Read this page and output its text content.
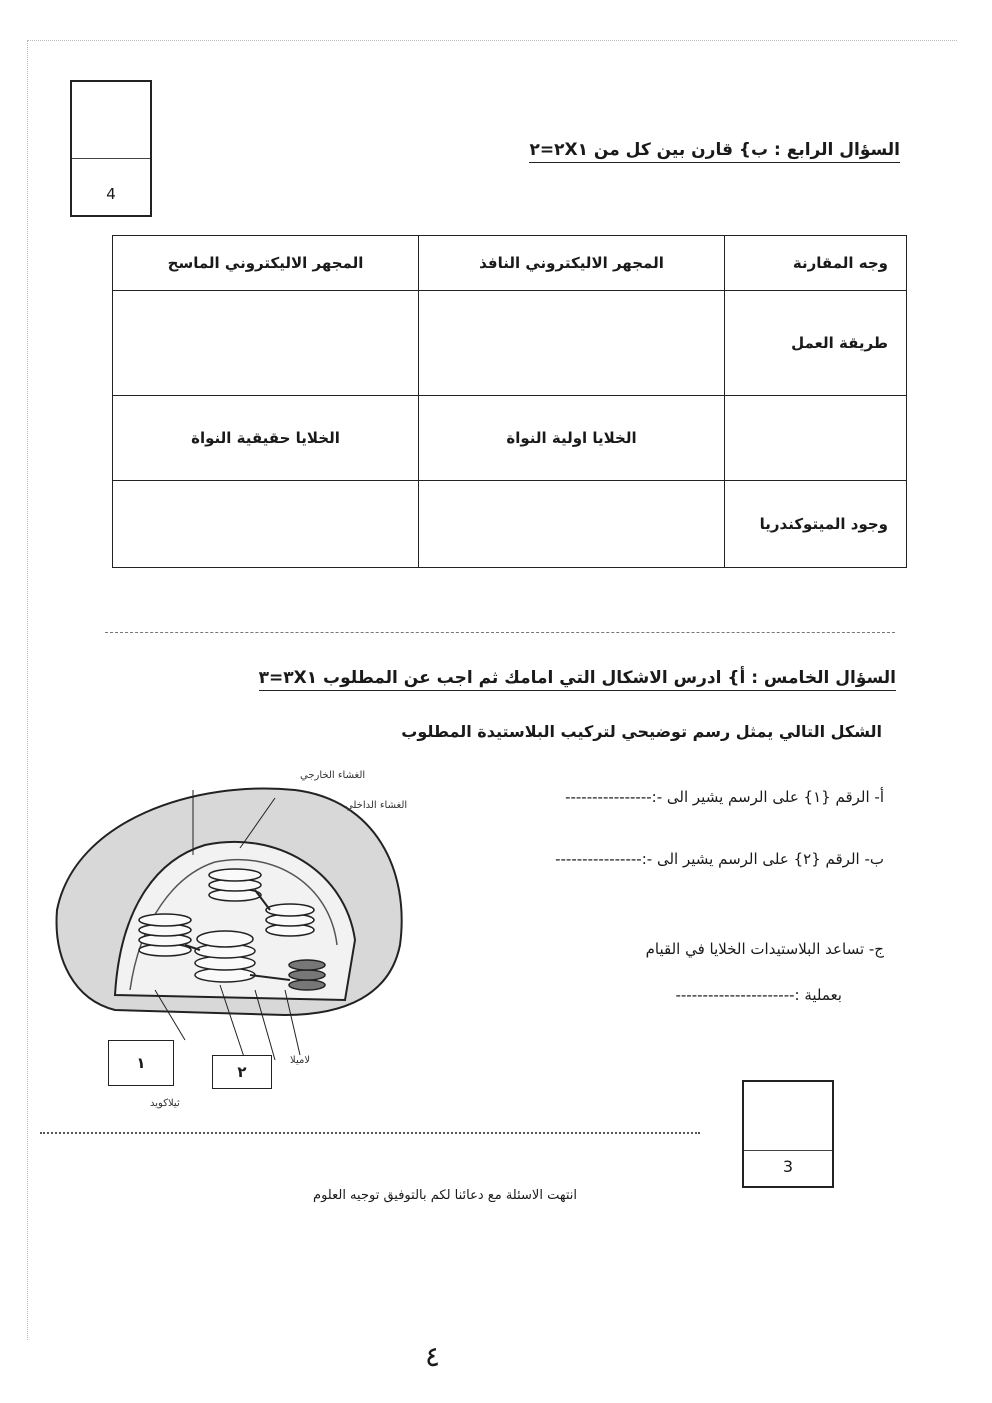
4
السؤال الرابع : ب} قارن بين كل من ٢X١=٢
وجه المقارنة	المجهر الاليكتروني النافذ	المجهر الاليكتروني الماسح
طريقة العمل		
	الخلايا اولية النواة	الخلايا حقيقية النواة
وجود الميتوكندريا		
السؤال الخامس : أ} ادرس الاشكال التي امامك ثم اجب عن المطلوب ٣X١=٣
الشكل التالي يمثل رسم توضيحي لتركيب البلاستيدة المطلوب
أ- الرقم {١} على الرسم يشير الى -:----------------
ب- الرقم {٢} على الرسم يشير الى -:----------------
ج- تساعد البلاستيدات الخلايا في القيام
بعملية :----------------------
الغشاء الخارجي
الغشاء الداخلي
لاميلا
ثيلاكويد
١	٢
3
انتهت الاسئلة مع دعائنا لكم بالتوفيق توجيه العلوم
٤
